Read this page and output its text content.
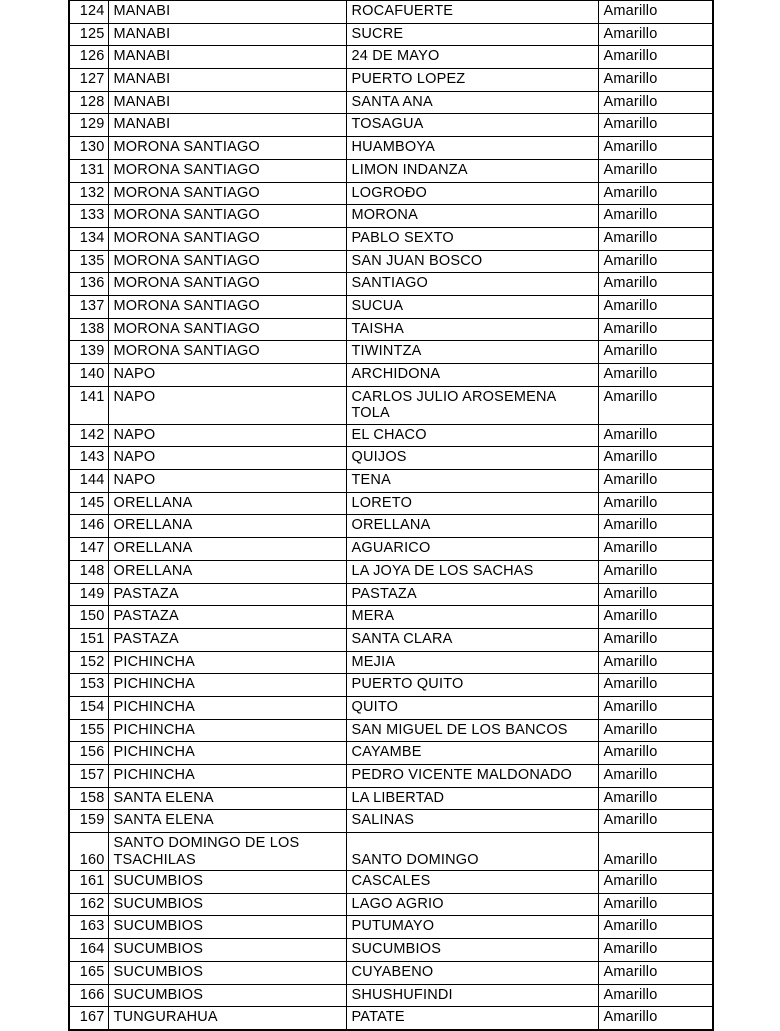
124	MANABI	ROCAFUERTE	Amarillo
125	MANABI	SUCRE	Amarillo
126	MANABI	24 DE MAYO	Amarillo
127	MANABI	PUERTO LOPEZ	Amarillo
128	MANABI	SANTA ANA	Amarillo
129	MANABI	TOSAGUA	Amarillo
130	MORONA SANTIAGO	HUAMBOYA	Amarillo
131	MORONA SANTIAGO	LIMON INDANZA	Amarillo
132	MORONA SANTIAGO	LOGROĐO	Amarillo
133	MORONA SANTIAGO	MORONA	Amarillo
134	MORONA SANTIAGO	PABLO SEXTO	Amarillo
135	MORONA SANTIAGO	SAN JUAN BOSCO	Amarillo
136	MORONA SANTIAGO	SANTIAGO	Amarillo
137	MORONA SANTIAGO	SUCUA	Amarillo
138	MORONA SANTIAGO	TAISHA	Amarillo
139	MORONA SANTIAGO	TIWINTZA	Amarillo
140	NAPO	ARCHIDONA	Amarillo
141	NAPO	CARLOS JULIO AROSEMENA TOLA	Amarillo
142	NAPO	EL CHACO	Amarillo
143	NAPO	QUIJOS	Amarillo
144	NAPO	TENA	Amarillo
145	ORELLANA	LORETO	Amarillo
146	ORELLANA	ORELLANA	Amarillo
147	ORELLANA	AGUARICO	Amarillo
148	ORELLANA	LA JOYA DE LOS SACHAS	Amarillo
149	PASTAZA	PASTAZA	Amarillo
150	PASTAZA	MERA	Amarillo
151	PASTAZA	SANTA CLARA	Amarillo
152	PICHINCHA	MEJIA	Amarillo
153	PICHINCHA	PUERTO QUITO	Amarillo
154	PICHINCHA	QUITO	Amarillo
155	PICHINCHA	SAN MIGUEL DE LOS BANCOS	Amarillo
156	PICHINCHA	CAYAMBE	Amarillo
157	PICHINCHA	PEDRO VICENTE MALDONADO	Amarillo
158	SANTA ELENA	LA LIBERTAD	Amarillo
159	SANTA ELENA	SALINAS	Amarillo
160	SANTO DOMINGO DE LOS TSACHILAS	SANTO DOMINGO	Amarillo
161	SUCUMBIOS	CASCALES	Amarillo
162	SUCUMBIOS	LAGO AGRIO	Amarillo
163	SUCUMBIOS	PUTUMAYO	Amarillo
164	SUCUMBIOS	SUCUMBIOS	Amarillo
165	SUCUMBIOS	CUYABENO	Amarillo
166	SUCUMBIOS	SHUSHUFINDI	Amarillo
167	TUNGURAHUA	PATATE	Amarillo
